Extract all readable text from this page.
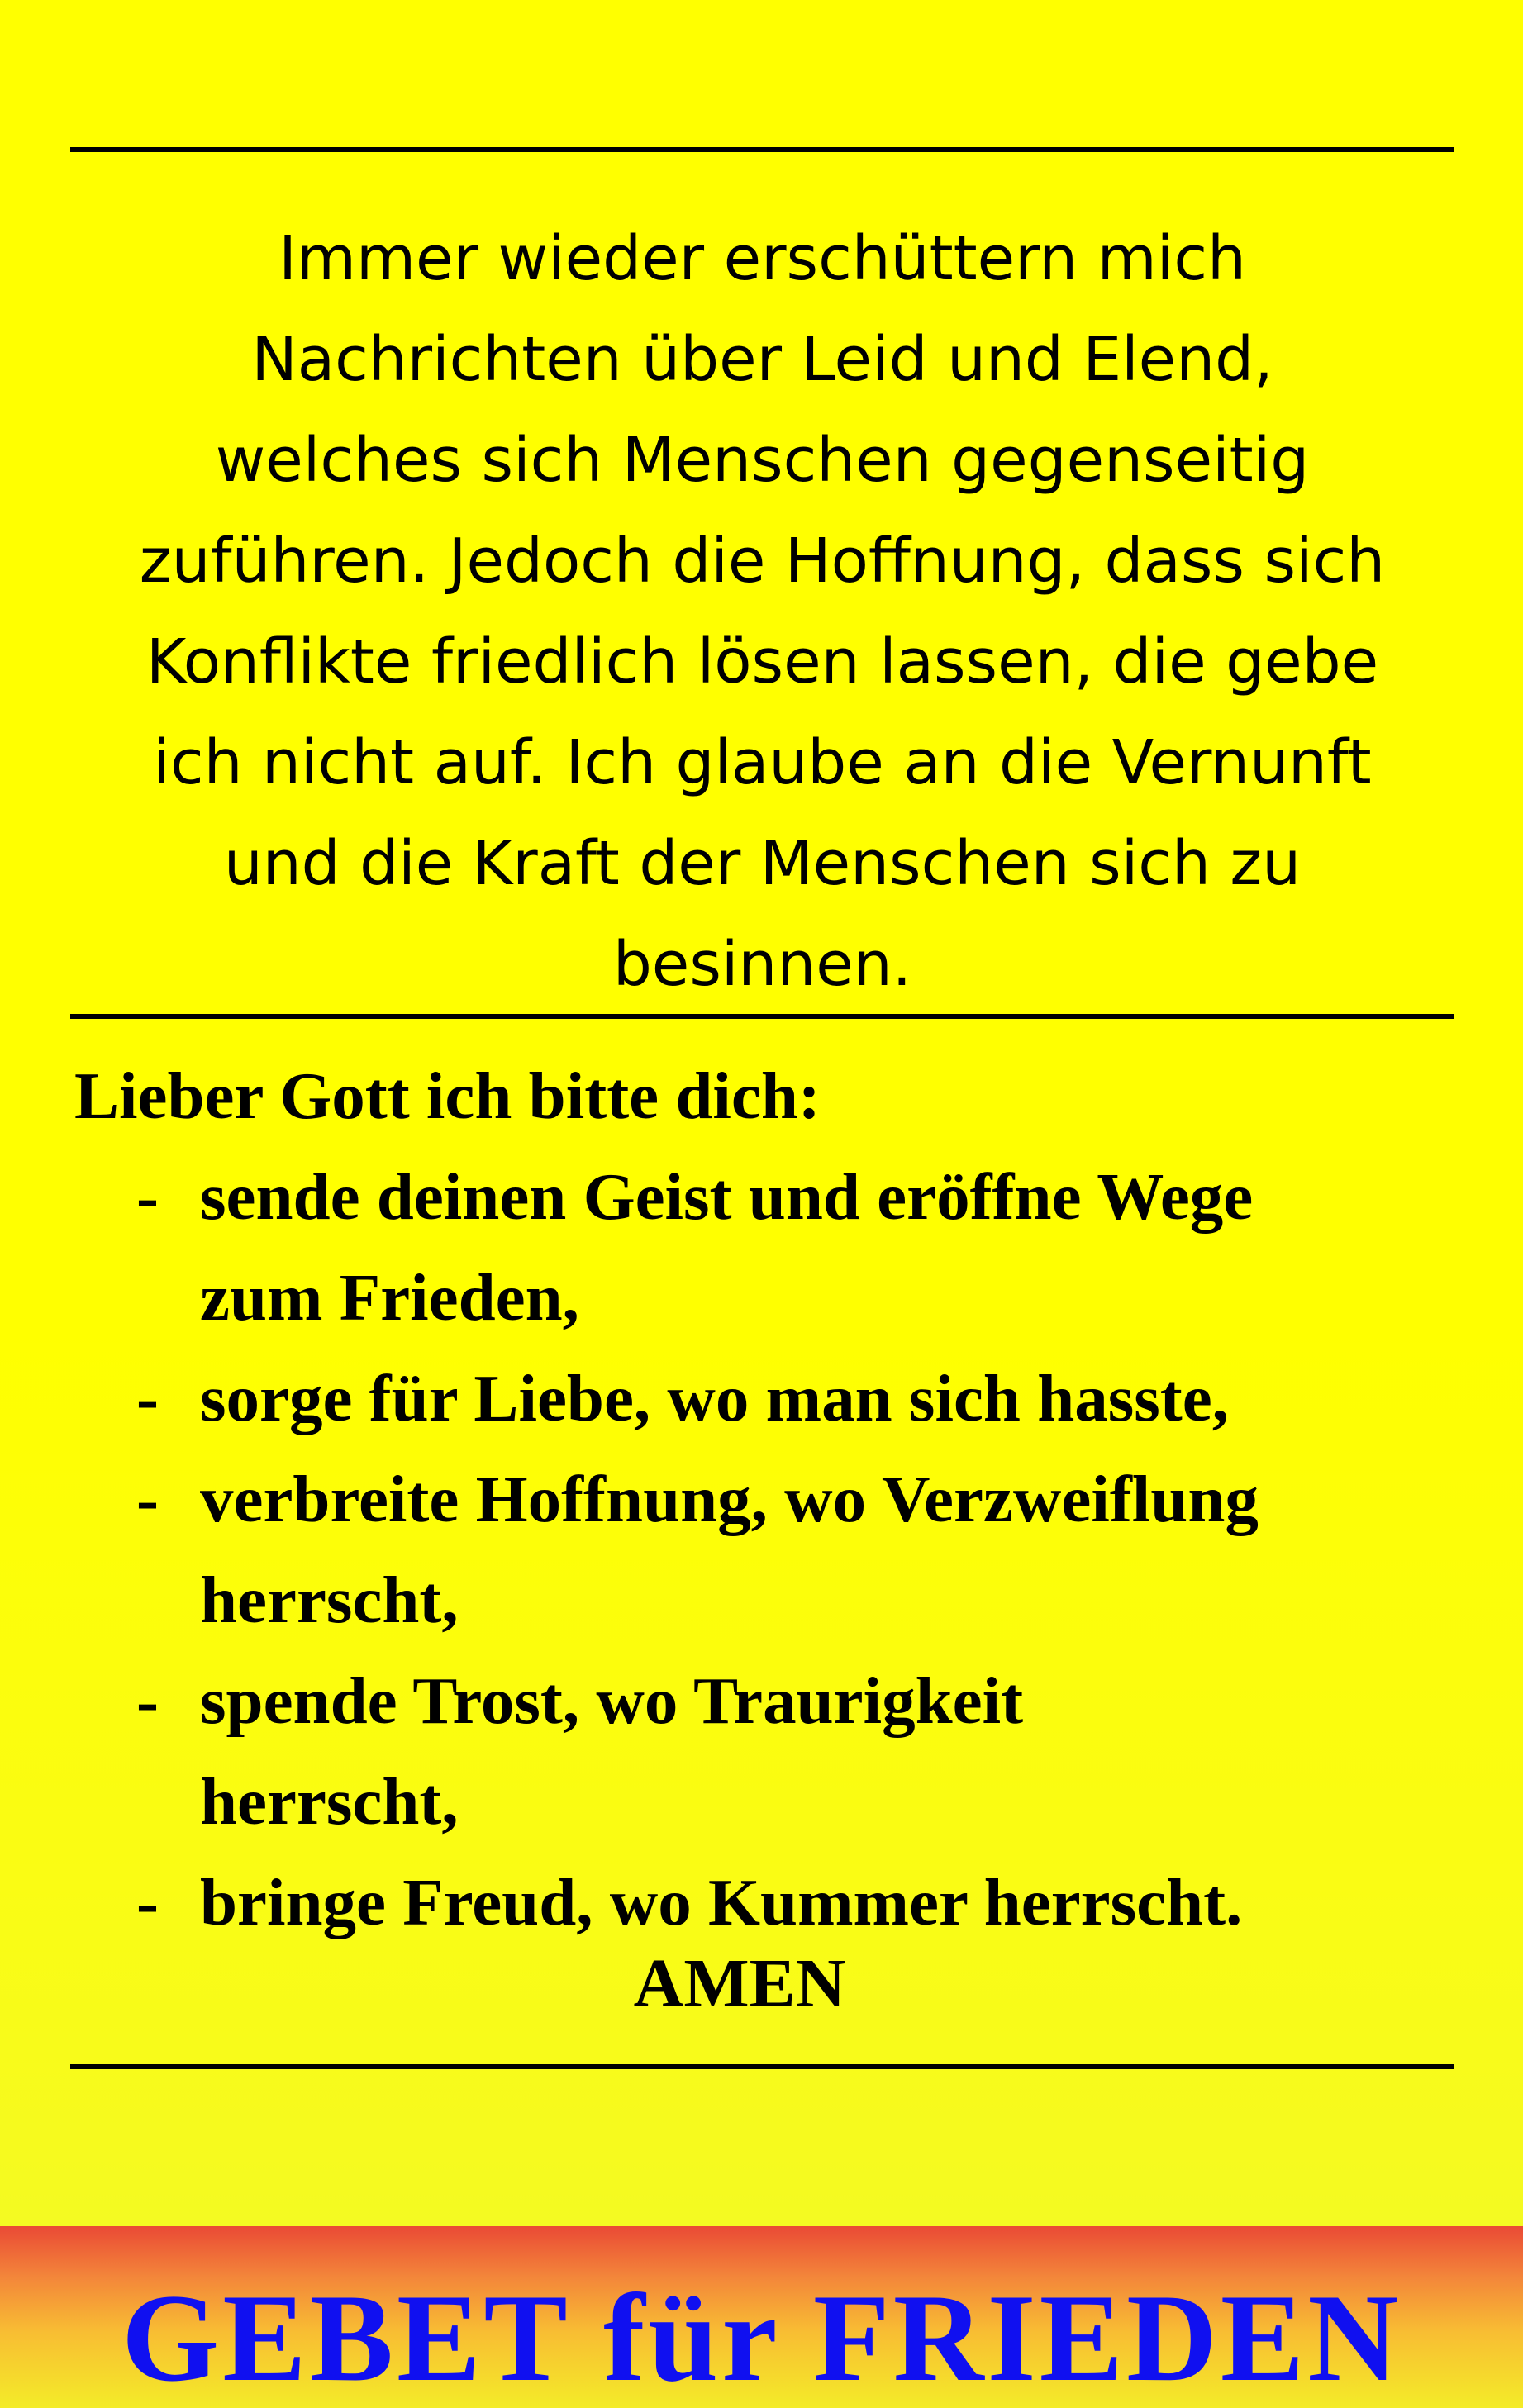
Immer wieder erschüttern mich
Nachrichten über Leid und Elend,
welches sich Menschen gegenseitig
zuführen. Jedoch die Hoffnung, dass sich
Konflikte friedlich lösen lassen, die gebe
ich nicht auf. Ich glaube an die Vernunft
und die Kraft der Menschen sich zu
besinnen.

Lieber Gott ich bitte dich:

- sende deinen Geist und eröffne Wege
zum Frieden,
- sorge für Liebe, wo man sich hasste,
- verbreite Hoffnung, wo Verzweiflung
herrscht,
- spende Trost, wo Traurigkeit
herrscht,
- bringe Freud, wo Kummer herrscht.

AMEN

GEBET für FRIEDEN
